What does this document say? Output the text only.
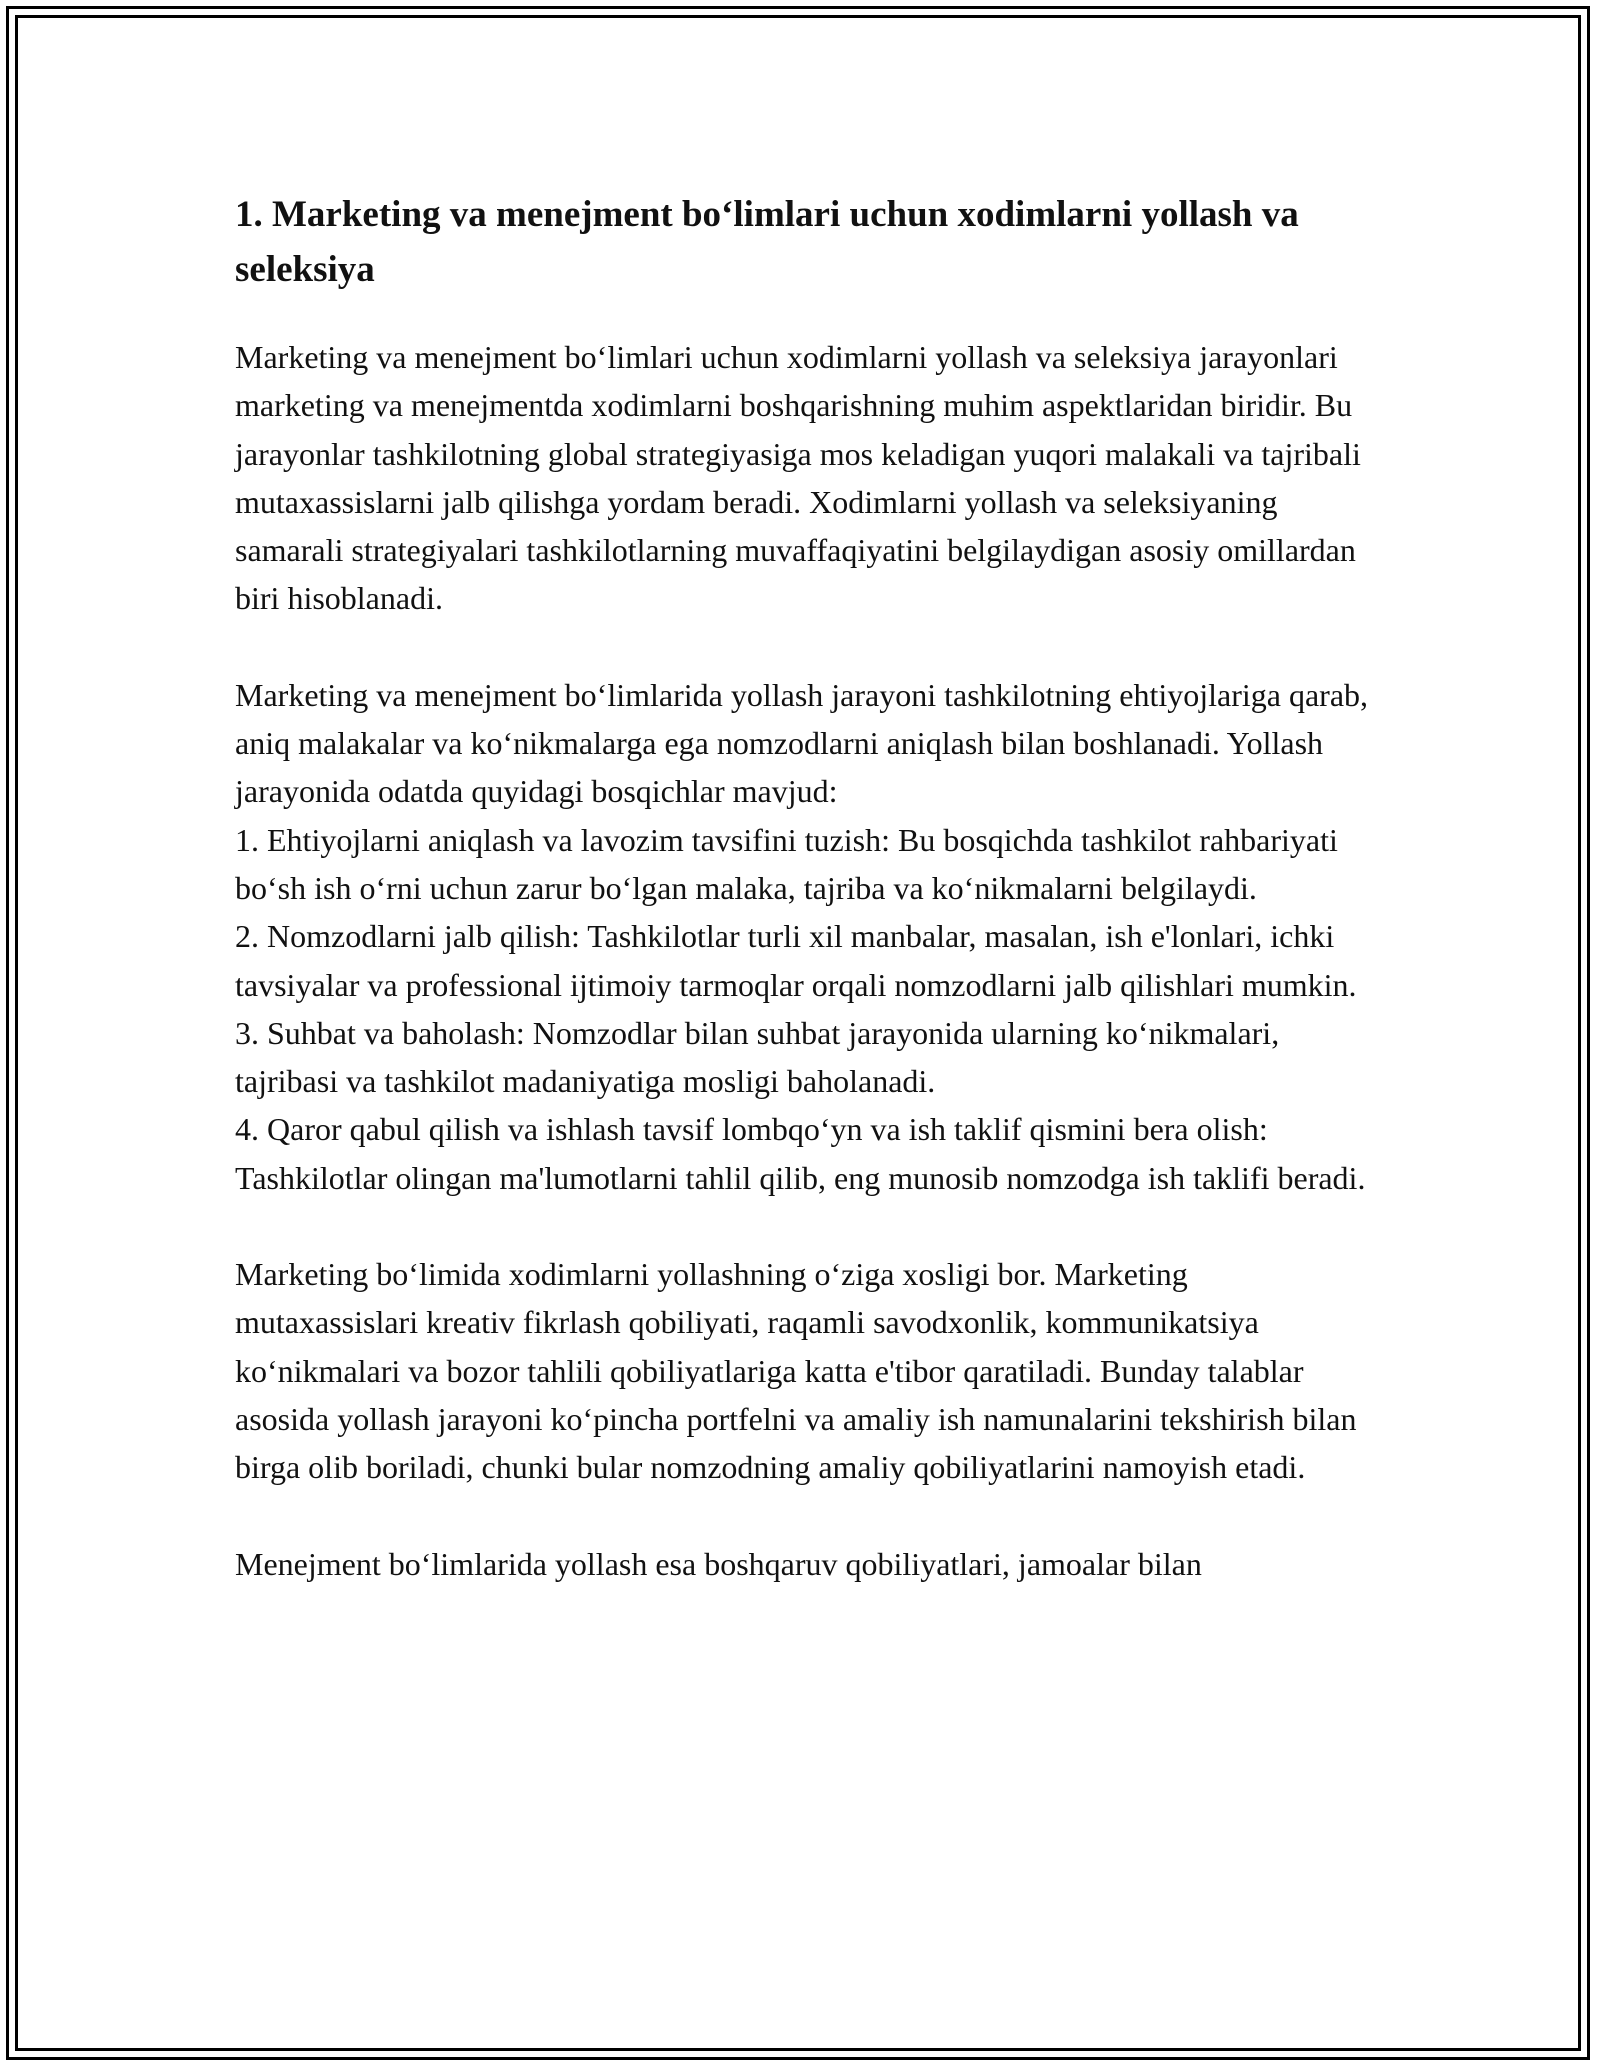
1. Marketing va menejment bo‘limlari uchun xodimlarni yollash va seleksiya

Marketing va menejment bo‘limlari uchun xodimlarni yollash va seleksiya jarayonlari marketing va menejmentda xodimlarni boshqarishning muhim aspektlaridan biridir. Bu jarayonlar tashkilotning global strategiyasiga mos keladigan yuqori malakali va tajribali mutaxassislarni jalb qilishga yordam beradi. Xodimlarni yollash va seleksiyaning samarali strategiyalari tashkilotlarning muvaffaqiyatini belgilaydigan asosiy omillardan biri hisoblanadi.

Marketing va menejment bo‘limlarida yollash jarayoni tashkilotning ehtiyojlariga qarab, aniq malakalar va ko‘nikmalarga ega nomzodlarni aniqlash bilan boshlanadi. Yollash jarayonida odatda quyidagi bosqichlar mavjud:
1. Ehtiyojlarni aniqlash va lavozim tavsifini tuzish: Bu bosqichda tashkilot rahbariyati bo‘sh ish o‘rni uchun zarur bo‘lgan malaka, tajriba va ko‘nikmalarni belgilaydi.
2. Nomzodlarni jalb qilish: Tashkilotlar turli xil manbalar, masalan, ish e'lonlari, ichki tavsiyalar va professional ijtimoiy tarmoqlar orqali nomzodlarni jalb qilishlari mumkin.
3. Suhbat va baholash: Nomzodlar bilan suhbat jarayonida ularning ko‘nikmalari, tajribasi va tashkilot madaniyatiga mosligi baholanadi.
4. Qaror qabul qilish va ishlash tavsif lombqo‘yn va ish taklif qismini bera olish: Tashkilotlar olingan ma'lumotlarni tahlil qilib, eng munosib nomzodga ish taklifi beradi.

Marketing bo‘limida xodimlarni yollashning o‘ziga xosligi bor. Marketing mutaxassislari kreativ fikrlash qobiliyati, raqamli savodxonlik, kommunikatsiya ko‘nikmalari va bozor tahlili qobiliyatlariga katta e'tibor qaratiladi. Bunday talablar asosida yollash jarayoni ko‘pincha portfelni va amaliy ish namunalarini tekshirish bilan birga olib boriladi, chunki bular nomzodning amaliy qobiliyatlarini namoyish etadi.

Menejment bo‘limlarida yollash esa boshqaruv qobiliyatlari, jamoalar bilan
